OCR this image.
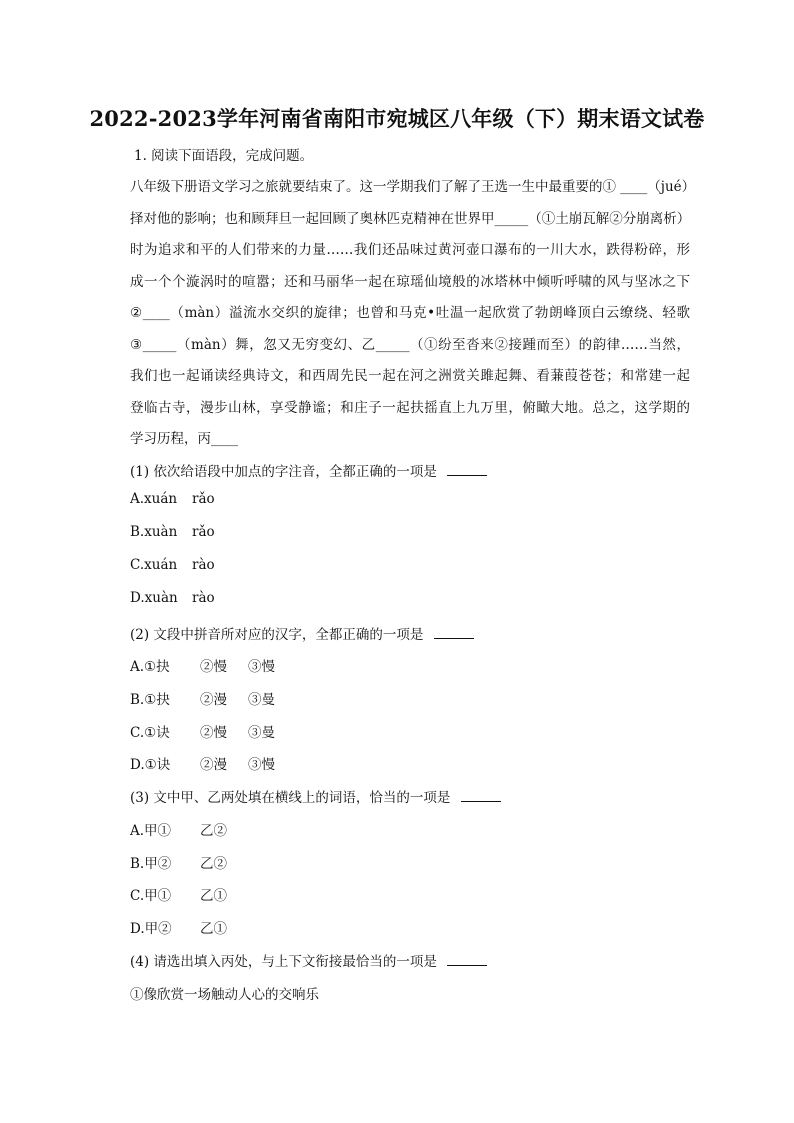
2022-2023学年河南省南阳市宛城区八年级（下）期末语文试卷
1. 阅读下面语段，完成问题。
八年级下册语文学习之旅就要结束了。这一学期我们了解了王选一生中最重要的① ____（jué）
择对他的影响；也和顾拜旦一起回顾了奥林匹克精神在世界甲_____（①土崩瓦解②分崩离析）
时为追求和平的人们带来的力量……我们还品味过黄河壶口瀑布的一川大水，跌得粉碎，形
成一个个漩涡时的喧嚣；还和马丽华一起在琼瑶仙境般的冰塔林中倾听呼啸的风与坚冰之下
②____（màn）溢流水交织的旋律；也曾和马克•吐温一起欣赏了勃朗峰顶白云缭绕、轻歌
③_____（màn）舞，忽又无穷变幻、乙_____（①纷至沓来②接踵而至）的韵律……当然，
我们也一起诵读经典诗文，和西周先民一起在河之洲赏关雎起舞、看蒹葭苍苍；和常建一起
登临古寺，漫步山林，享受静谧；和庄子一起扶摇直上九万里，俯瞰大地。总之，这学期的
学习历程，丙____
(1) 依次给语段中加点的字注音，全都正确的一项是
A.xuán rǎo
B.xuàn rǎo
C.xuán rào
D.xuàn rào
(2) 文段中拼音所对应的汉字，全都正确的一项是
A.①抉 ②慢 ③慢
B.①抉 ②漫 ③曼
C.①诀 ②慢 ③曼
D.①诀 ②漫 ③慢
(3) 文中甲、乙两处填在横线上的词语，恰当的一项是
A.甲① 乙②
B.甲② 乙②
C.甲① 乙①
D.甲② 乙①
(4) 请选出填入丙处，与上下文衔接最恰当的一项是
①像欣赏一场触动人心的交响乐
